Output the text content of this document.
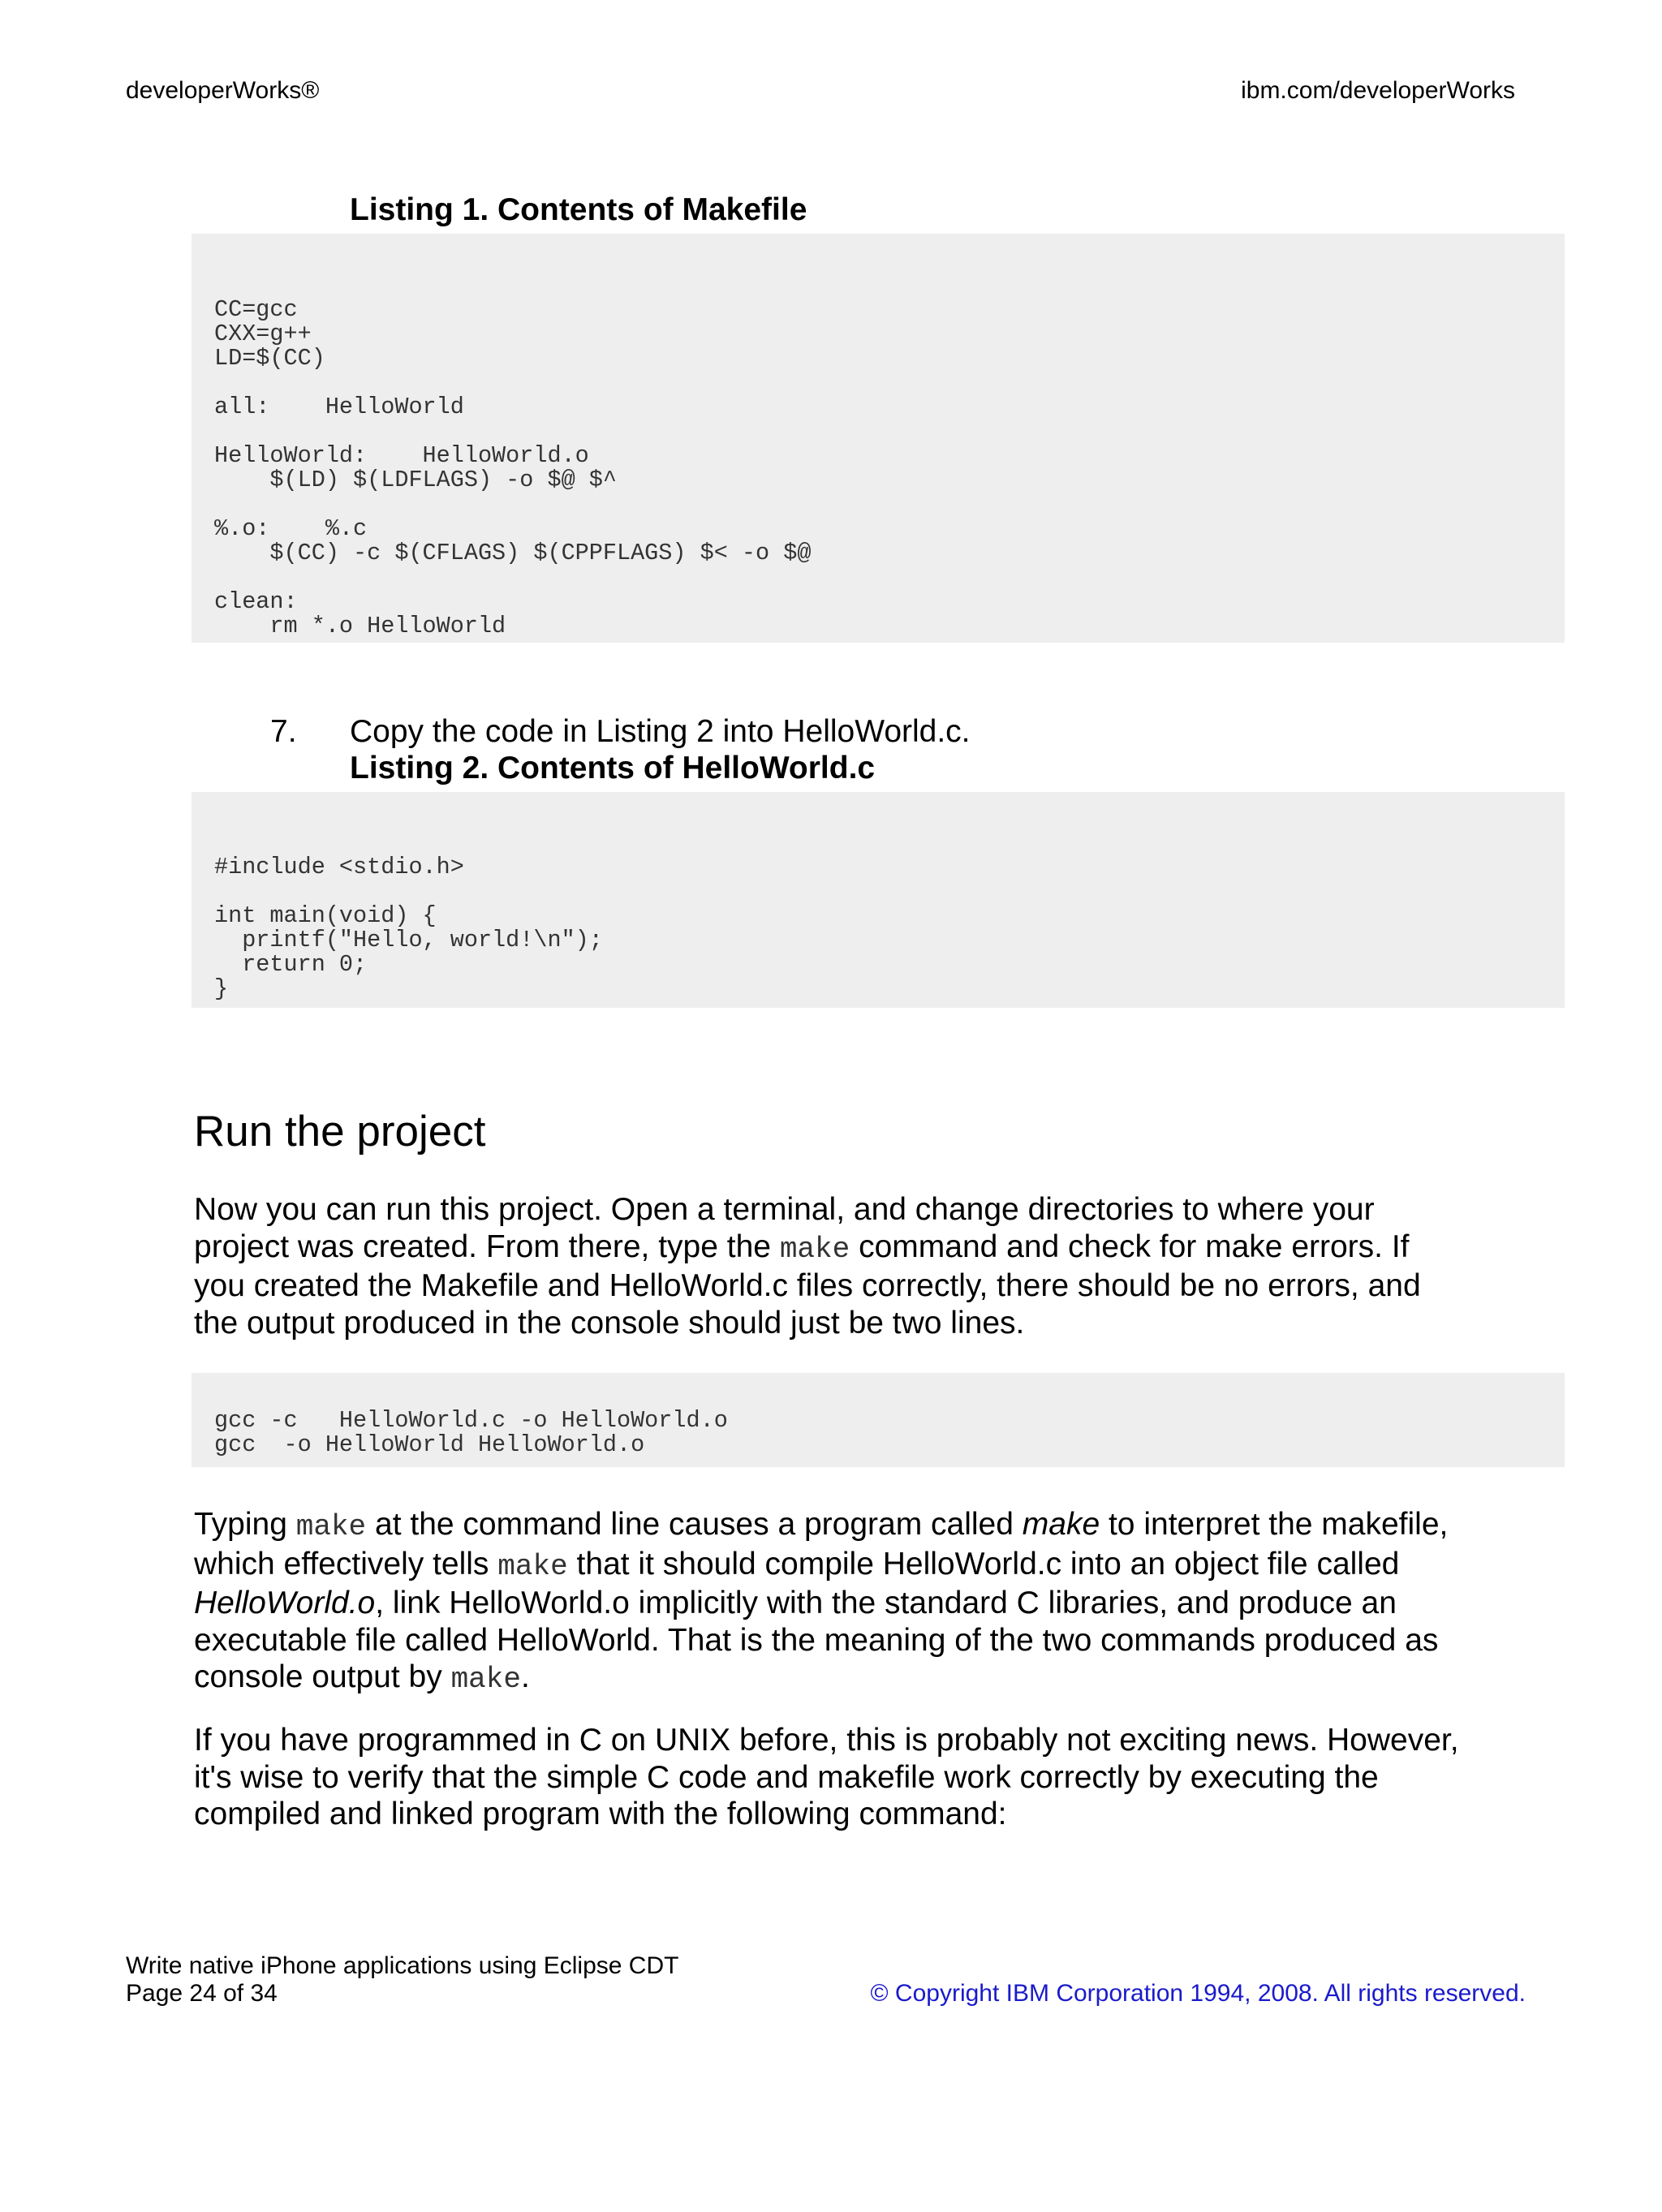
developerWorks®	ibm.com/developerWorks
Listing 1. Contents of Makefile
CC=gcc
CXX=g++
LD=$(CC)

all:    HelloWorld

HelloWorld:    HelloWorld.o
$(LD) $(LDFLAGS) -o $@ $^

%.o:    %.c
$(CC) -c $(CFLAGS) $(CPPFLAGS) $< -o $@

clean:
rm *.o HelloWorld
7. Copy the code in Listing 2 into HelloWorld.c.
Listing 2. Contents of HelloWorld.c
#include <stdio.h>

int main(void) {
printf("Hello, world!\n");
return 0;
}
Run the project

Now you can run this project. Open a terminal, and change directories to where your project was created. From there, type the make command and check for make errors. If you created the Makefile and HelloWorld.c files correctly, there should be no errors, and the output produced in the console should just be two lines.

gcc -c   HelloWorld.c -o HelloWorld.o
gcc  -o HelloWorld HelloWorld.o

Typing make at the command line causes a program called make to interpret the makefile, which effectively tells make that it should compile HelloWorld.c into an object file called HelloWorld.o, link HelloWorld.o implicitly with the standard C libraries, and produce an executable file called HelloWorld. That is the meaning of the two commands produced as console output by make.

If you have programmed in C on UNIX before, this is probably not exciting news. However, it's wise to verify that the simple C code and makefile work correctly by executing the compiled and linked program with the following command:

Write native iPhone applications using Eclipse CDT
Page 24 of 34	© Copyright IBM Corporation 1994, 2008. All rights reserved.
